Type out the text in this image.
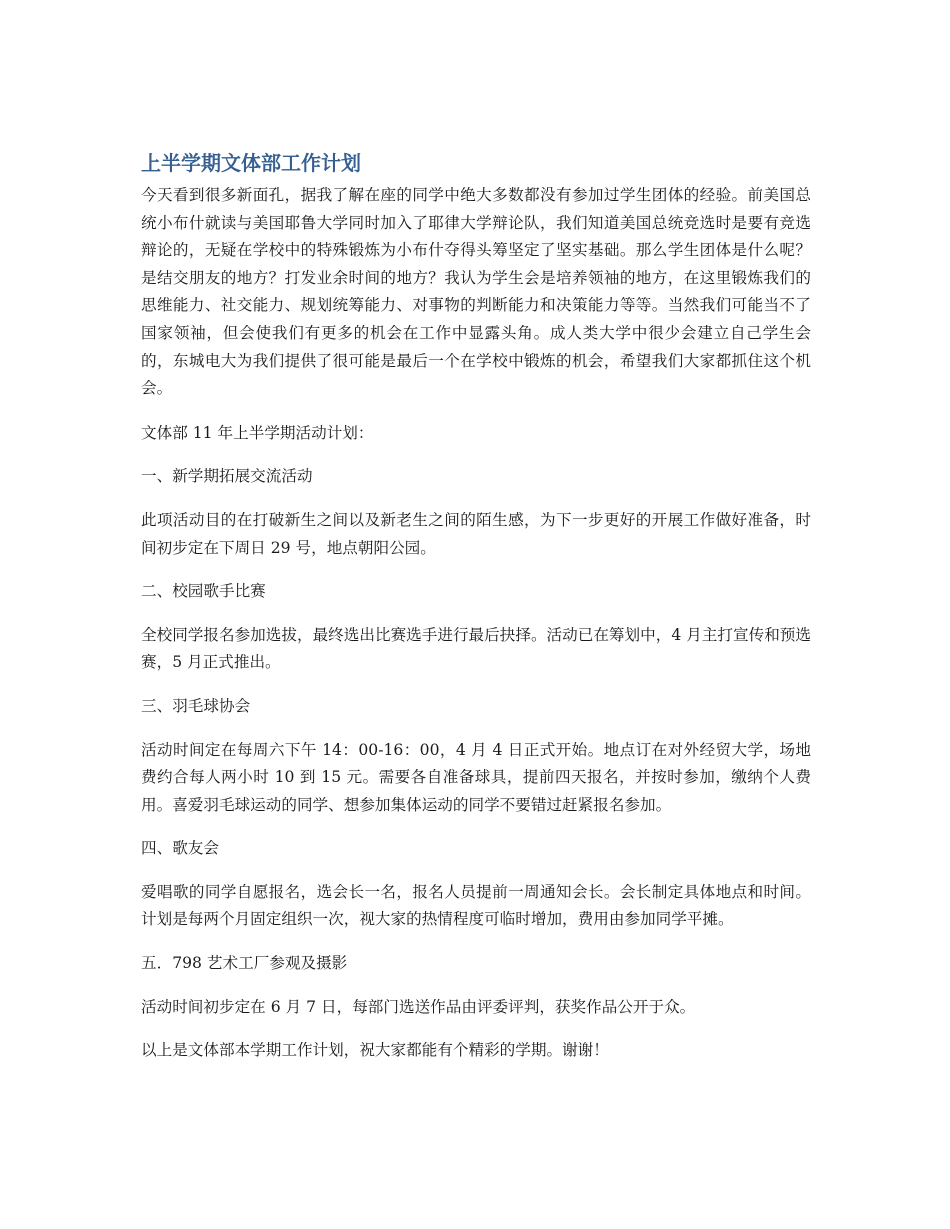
上半学期文体部工作计划

今天看到很多新面孔，据我了解在座的同学中绝大多数都没有参加过学生团体的经验。前美国总统小布什就读与美国耶鲁大学同时加入了耶律大学辩论队，我们知道美国总统竞选时是要有竞选辩论的，无疑在学校中的特殊锻炼为小布什夺得头筹坚定了坚实基础。那么学生团体是什么呢？是结交朋友的地方？打发业余时间的地方？我认为学生会是培养领袖的地方，在这里锻炼我们的思维能力、社交能力、规划统筹能力、对事物的判断能力和决策能力等等。当然我们可能当不了国家领袖，但会使我们有更多的机会在工作中显露头角。成人类大学中很少会建立自己学生会的，东城电大为我们提供了很可能是最后一个在学校中锻炼的机会，希望我们大家都抓住这个机会。

文体部 11 年上半学期活动计划：

一、新学期拓展交流活动

此项活动目的在打破新生之间以及新老生之间的陌生感，为下一步更好的开展工作做好准备，时间初步定在下周日 29 号，地点朝阳公园。

二、校园歌手比赛

全校同学报名参加选拔，最终选出比赛选手进行最后抉择。活动已在筹划中，4 月主打宣传和预选赛，5 月正式推出。

三、羽毛球协会

活动时间定在每周六下午 14：00-16：00，4 月 4 日正式开始。地点订在对外经贸大学，场地费约合每人两小时 10 到 15 元。需要各自准备球具，提前四天报名，并按时参加，缴纳个人费用。喜爱羽毛球运动的同学、想参加集体运动的同学不要错过赶紧报名参加。

四、歌友会

爱唱歌的同学自愿报名，选会长一名，报名人员提前一周通知会长。会长制定具体地点和时间。计划是每两个月固定组织一次，视大家的热情程度可临时增加，费用由参加同学平摊。

五．798 艺术工厂参观及摄影

活动时间初步定在 6 月 7 日，每部门选送作品由评委评判，获奖作品公开于众。

以上是文体部本学期工作计划，祝大家都能有个精彩的学期。谢谢！
